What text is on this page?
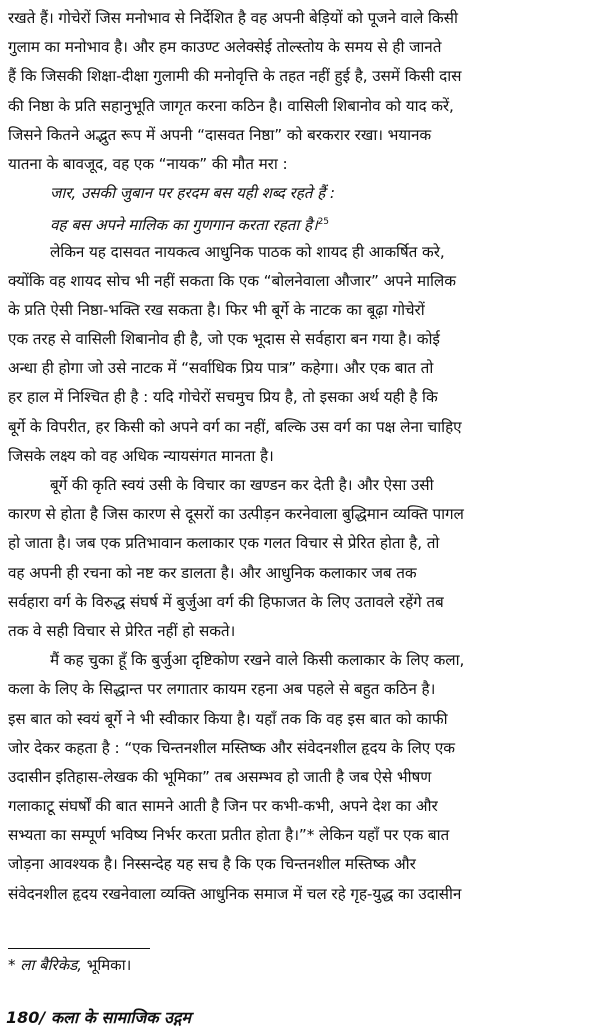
रखते हैं। गोचेरों जिस मनोभाव से निर्देशित है वह अपनी बेड़ियों को पूजने वाले किसी
गुलाम का मनोभाव है। और हम काउण्ट अलेक्सेई तोल्स्तोय के समय से ही जानते
हैं कि जिसकी शिक्षा-दीक्षा गुलामी की मनोवृत्ति के तहत नहीं हुई है, उसमें किसी दास
की निष्ठा के प्रति सहानुभूति जागृत करना कठिन है। वासिली शिबानोव को याद करें,
जिसने कितने अद्भुत रूप में अपनी “दासवत निष्ठा” को बरकरार रखा। भयानक
यातना के बावजूद, वह एक “नायक” की मौत मरा :
जार, उसकी जुबान पर हरदम बस यही शब्द रहते हैं :
वह बस अपने मालिक का गुणगान करता रहता है।$^{25}$
लेकिन यह दासवत नायकत्व आधुनिक पाठक को शायद ही आकर्षित करे,
क्योंकि वह शायद सोच भी नहीं सकता कि एक “बोलनेवाला औजार” अपने मालिक
के प्रति ऐसी निष्ठा-भक्ति रख सकता है। फिर भी बूर्गे के नाटक का बूढ़ा गोचेरों
एक तरह से वासिली शिबानोव ही है, जो एक भूदास से सर्वहारा बन गया है। कोई
अन्धा ही होगा जो उसे नाटक में “सर्वाधिक प्रिय पात्र” कहेगा। और एक बात तो
हर हाल में निश्चित ही है : यदि गोचेरों सचमुच प्रिय है, तो इसका अर्थ यही है कि
बूर्गे के विपरीत, हर किसी को अपने वर्ग का नहीं, बल्कि उस वर्ग का पक्ष लेना चाहिए
जिसके लक्ष्य को वह अधिक न्यायसंगत मानता है।
बूर्गे की कृति स्वयं उसी के विचार का खण्डन कर देती है। और ऐसा उसी
कारण से होता है जिस कारण से दूसरों का उत्पीड़न करनेवाला बुद्धिमान व्यक्ति पागल
हो जाता है। जब एक प्रतिभावान कलाकार एक गलत विचार से प्रेरित होता है, तो
वह अपनी ही रचना को नष्ट कर डालता है। और आधुनिक कलाकार जब तक
सर्वहारा वर्ग के विरुद्ध संघर्ष में बुर्जुआ वर्ग की हिफाजत के लिए उतावले रहेंगे तब
तक वे सही विचार से प्रेरित नहीं हो सकते।
मैं कह चुका हूँ कि बुर्जुआ दृष्टिकोण रखने वाले किसी कलाकार के लिए कला,
कला के लिए के सिद्धान्त पर लगातार कायम रहना अब पहले से बहुत कठिन है।
इस बात को स्वयं बूर्गे ने भी स्वीकार किया है। यहाँ तक कि वह इस बात को काफी
जोर देकर कहता है : “एक चिन्तनशील मस्तिष्क और संवेदनशील हृदय के लिए एक
उदासीन इतिहास-लेखक की भूमिका” तब असम्भव हो जाती है जब ऐसे भीषण
गलाकाटू संघर्षों की बात सामने आती है जिन पर कभी-कभी, अपने देश का और
सभ्यता का सम्पूर्ण भविष्य निर्भर करता प्रतीत होता है।”* लेकिन यहाँ पर एक बात
जोड़ना आवश्यक है। निस्सन्देह यह सच है कि एक चिन्तनशील मस्तिष्क और
संवेदनशील हृदय रखनेवाला व्यक्ति आधुनिक समाज में चल रहे गृह-युद्ध का उदासीन
* ला बैरिकेड, भूमिका।
180/ कला के सामाजिक उद्गम
